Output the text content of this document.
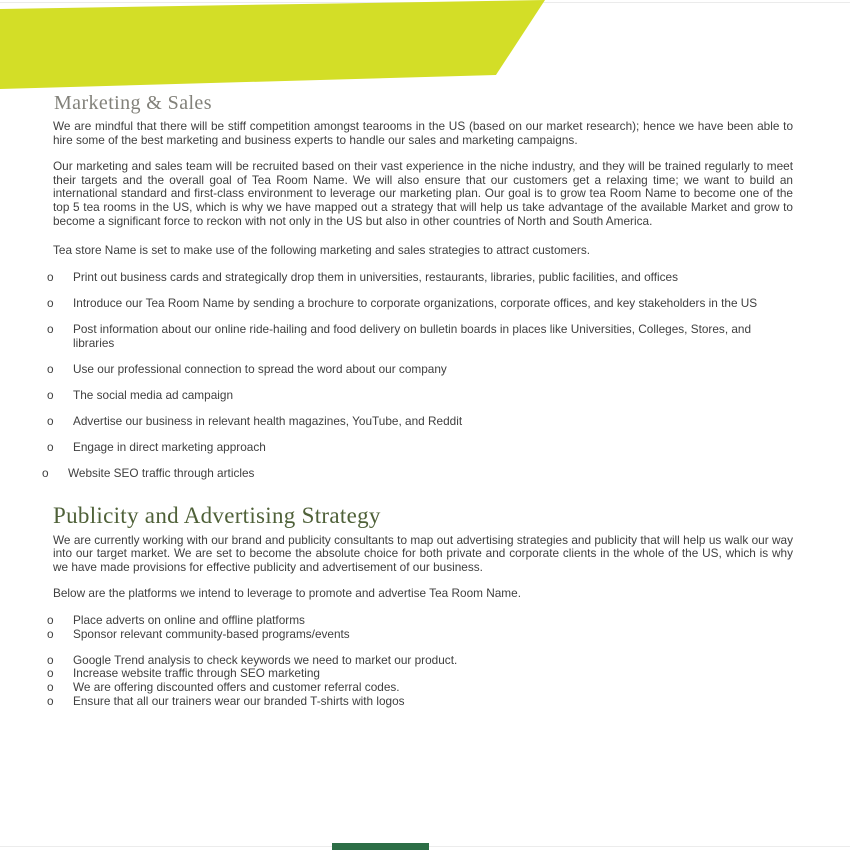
Marketing & Sales

We are mindful that there will be stiff competition amongst tearooms in the US (based on our market research); hence we have been able to hire some of the best marketing and business experts to handle our sales and marketing campaigns.

Our marketing and sales team will be recruited based on their vast experience in the niche industry, and they will be trained regularly to meet their targets and the overall goal of Tea Room Name. We will also ensure that our customers get a relaxing time; we want to build an international standard and first-class environment to leverage our marketing plan. Our goal is to grow tea Room Name to become one of the top 5 tea rooms in the US, which is why we have mapped out a strategy that will help us take advantage of the available Market and grow to become a significant force to reckon with not only in the US but also in other countries of North and South America.

Tea store Name is set to make use of the following marketing and sales strategies to attract customers.

o	Print out business cards and strategically drop them in universities, restaurants, libraries, public facilities, and offices
o	Introduce our Tea Room Name by sending a brochure to corporate organizations, corporate offices, and key stakeholders in the US
o	Post information about our online ride-hailing and food delivery on bulletin boards in places like Universities, Colleges, Stores, and libraries
o	Use our professional connection to spread the word about our company
o	The social media ad campaign
o	Advertise our business in relevant health magazines, YouTube, and Reddit
o	Engage in direct marketing approach
o	Website SEO traffic through articles
Publicity and Advertising Strategy

We are currently working with our brand and publicity consultants to map out advertising strategies and publicity that will help us walk our way into our target market. We are set to become the absolute choice for both private and corporate clients in the whole of the US, which is why we have made provisions for effective publicity and advertisement of our business.

Below are the platforms we intend to leverage to promote and advertise Tea Room Name.

o	Place adverts on online and offline platforms
o	Sponsor relevant community-based programs/events
o	Google Trend analysis to check keywords we need to market our product.
o	Increase website traffic through SEO marketing
o	We are offering discounted offers and customer referral codes.
o	Ensure that all our trainers wear our branded T-shirts with logos
